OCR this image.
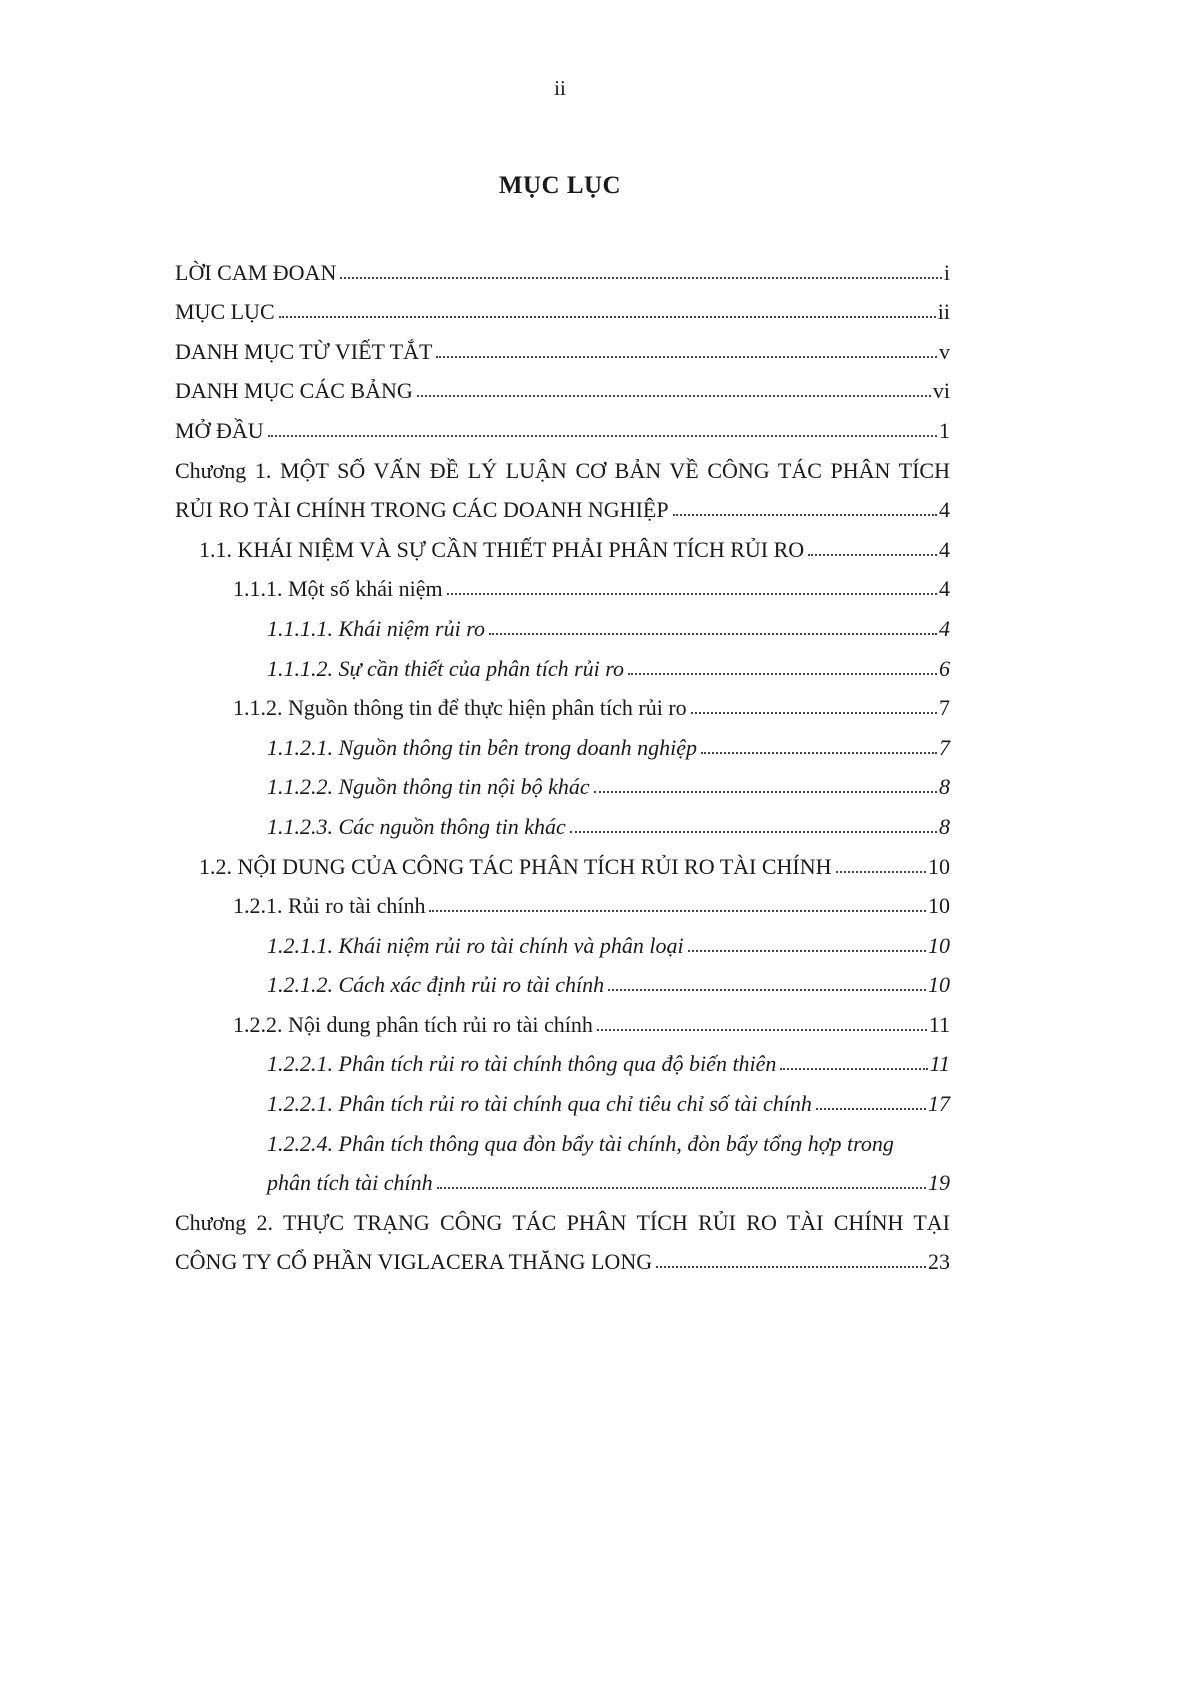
ii
MỤC LỤC
LỜI CAM ĐOAN	i
MỤC LỤC	ii
DANH MỤC TỪ VIẾT TẮT	v
DANH MỤC CÁC BẢNG	vi
MỞ ĐẦU	1
Chương 1. MỘT SỐ VẤN ĐỀ LÝ LUẬN CƠ BẢN VỀ CÔNG TÁC PHÂN TÍCH
RỦI RO TÀI CHÍNH TRONG CÁC DOANH NGHIỆP	4
1.1. KHÁI NIỆM VÀ SỰ CẦN THIẾT PHẢI PHÂN TÍCH RỦI RO	4
1.1.1. Một số khái niệm	4
1.1.1.1. Khái niệm rủi ro	4
1.1.1.2. Sự cần thiết của phân tích rủi ro	6
1.1.2. Nguồn thông tin để thực hiện phân tích rủi ro	7
1.1.2.1. Nguồn thông tin bên trong doanh nghiệp	7
1.1.2.2. Nguồn thông tin nội bộ khác	8
1.1.2.3. Các nguồn thông tin khác	8
1.2. NỘI DUNG CỦA CÔNG TÁC PHÂN TÍCH RỦI RO TÀI CHÍNH	10
1.2.1. Rủi ro tài chính	10
1.2.1.1. Khái niệm rủi ro tài chính và phân loại	10
1.2.1.2. Cách xác định rủi ro tài chính	10
1.2.2. Nội dung phân tích rủi ro tài chính	11
1.2.2.1. Phân tích rủi ro tài chính thông qua độ biến thiên	11
1.2.2.1. Phân tích rủi ro tài chính qua chỉ tiêu chỉ số tài chính	17
1.2.2.4. Phân tích thông qua đòn bẩy tài chính, đòn bẩy tổng hợp trong
phân tích tài chính	19
Chương 2. THỰC TRẠNG CÔNG TÁC PHÂN TÍCH RỦI RO TÀI CHÍNH TẠI
CÔNG TY CỔ PHẦN VIGLACERA THĂNG LONG	23
